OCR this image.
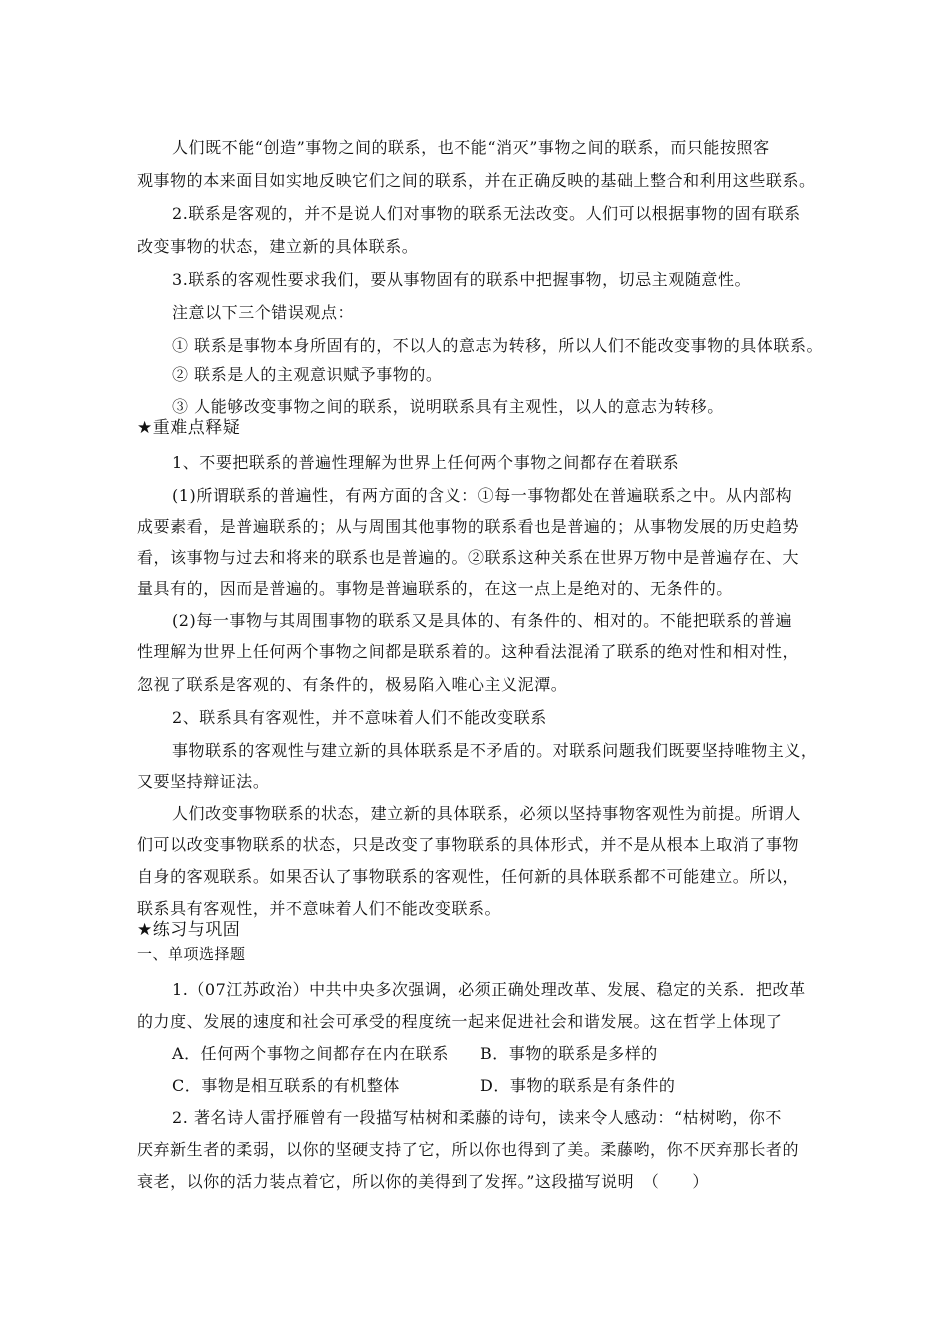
人们既不能“创造”事物之间的联系，也不能“消灭”事物之间的联系，而只能按照客
观事物的本来面目如实地反映它们之间的联系，并在正确反映的基础上整合和利用这些联系。
2.联系是客观的，并不是说人们对事物的联系无法改变。人们可以根据事物的固有联系
改变事物的状态，建立新的具体联系。
3.联系的客观性要求我们，要从事物固有的联系中把握事物，切忌主观随意性。
注意以下三个错误观点：
① 联系是事物本身所固有的，不以人的意志为转移，所以人们不能改变事物的具体联系。
② 联系是人的主观意识赋予事物的。
③ 人能够改变事物之间的联系，说明联系具有主观性，以人的意志为转移。
★重难点释疑
1、不要把联系的普遍性理解为世界上任何两个事物之间都存在着联系
(1)所谓联系的普遍性，有两方面的含义：①每一事物都处在普遍联系之中。从内部构
成要素看，是普遍联系的；从与周围其他事物的联系看也是普遍的；从事物发展的历史趋势
看，该事物与过去和将来的联系也是普遍的。②联系这种关系在世界万物中是普遍存在、大
量具有的，因而是普遍的。事物是普遍联系的，在这一点上是绝对的、无条件的。
(2)每一事物与其周围事物的联系又是具体的、有条件的、相对的。不能把联系的普遍
性理解为世界上任何两个事物之间都是联系着的。这种看法混淆了联系的绝对性和相对性，
忽视了联系是客观的、有条件的，极易陷入唯心主义泥潭。
2、联系具有客观性，并不意味着人们不能改变联系
事物联系的客观性与建立新的具体联系是不矛盾的。对联系问题我们既要坚持唯物主义，
又要坚持辩证法。
人们改变事物联系的状态，建立新的具体联系，必须以坚持事物客观性为前提。所谓人
们可以改变事物联系的状态，只是改变了事物联系的具体形式，并不是从根本上取消了事物
自身的客观联系。如果否认了事物联系的客观性，任何新的具体联系都不可能建立。所以，
联系具有客观性，并不意味着人们不能改变联系。
★练习与巩固
一、单项选择题
1.（07江苏政治）中共中央多次强调，必须正确处理改革、发展、稳定的关系．把改革
的力度、发展的速度和社会可承受的程度统一起来促进社会和谐发展。这在哲学上体现了
A．任何两个事物之间都存在内在联系 B．事物的联系是多样的
C．事物是相互联系的有机整体	D．事物的联系是有条件的
2. 著名诗人雷抒雁曾有一段描写枯树和柔藤的诗句，读来令人感动：“枯树哟，你不
厌弃新生者的柔弱，以你的坚硬支持了它，所以你也得到了美。柔藤哟，你不厌弃那长者的
衰老，以你的活力装点着它，所以你的美得到了发挥。”这段描写说明　（　　）
